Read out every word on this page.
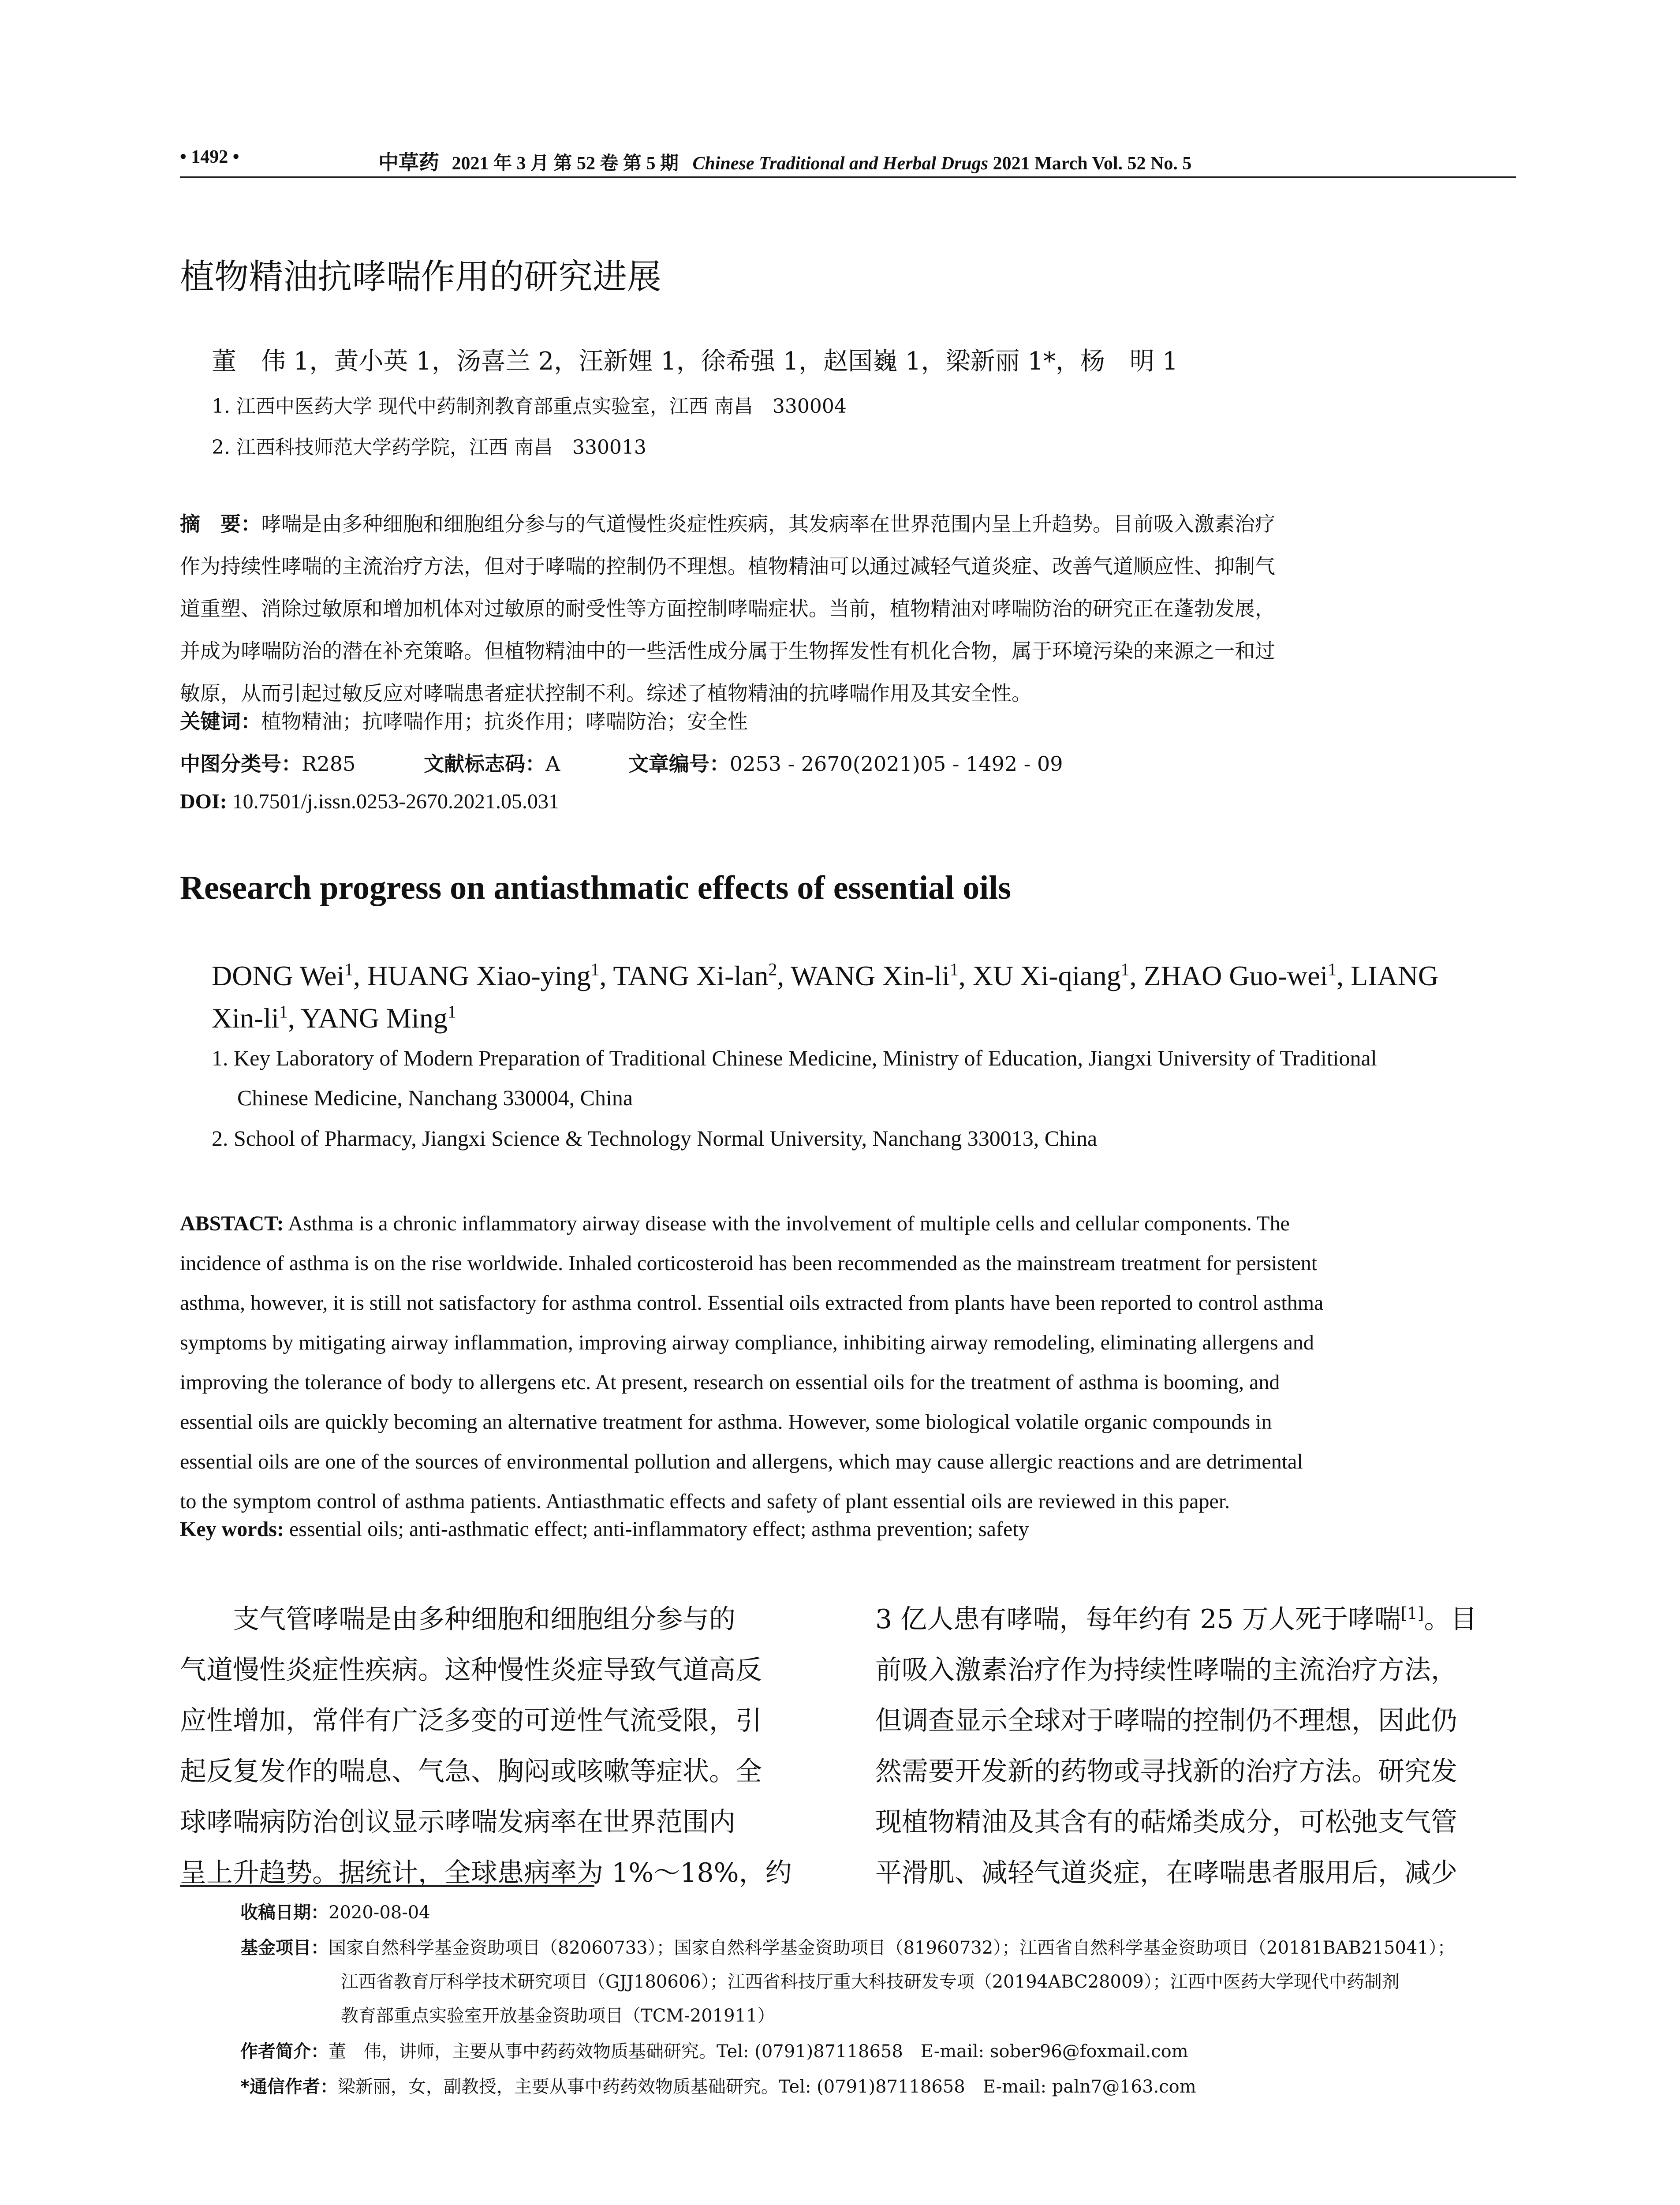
• 1492 •	中草药 2021 年 3 月 第 52 卷 第 5 期 Chinese Traditional and Herbal Drugs 2021 March Vol. 52 No. 5
植物精油抗哮喘作用的研究进展
董　伟 1，黄小英 1，汤喜兰 2，汪新娌 1，徐希强 1，赵国巍 1，梁新丽 1*，杨　明 1
1. 江西中医药大学 现代中药制剂教育部重点实验室，江西 南昌　330004
2. 江西科技师范大学药学院，江西 南昌　330013
摘　要：哮喘是由多种细胞和细胞组分参与的气道慢性炎症性疾病，其发病率在世界范围内呈上升趋势。目前吸入激素治疗
作为持续性哮喘的主流治疗方法，但对于哮喘的控制仍不理想。植物精油可以通过减轻气道炎症、改善气道顺应性、抑制气
道重塑、消除过敏原和增加机体对过敏原的耐受性等方面控制哮喘症状。当前，植物精油对哮喘防治的研究正在蓬勃发展，
并成为哮喘防治的潜在补充策略。但植物精油中的一些活性成分属于生物挥发性有机化合物，属于环境污染的来源之一和过
敏原，从而引起过敏反应对哮喘患者症状控制不利。综述了植物精油的抗哮喘作用及其安全性。
关键词：植物精油；抗哮喘作用；抗炎作用；哮喘防治；安全性
中图分类号：R285	文献标志码：A	文章编号：0253 - 2670(2021)05 - 1492 - 09
DOI: 10.7501/j.issn.0253-2670.2021.05.031
Research progress on antiasthmatic effects of essential oils
DONG Wei$^1$, HUANG Xiao-ying$^1$, TANG Xi-lan$^2$, WANG Xin-$li^1$, XU Xi-qiang$^1$, ZHAO Guo-wei$^1$, LIANG
Xin-$li^1$, YANG Ming$^1$
1. Key Laboratory of Modern Preparation of Traditional Chinese Medicine, Ministry of Education, Jiangxi University of Traditional
Chinese Medicine, Nanchang 330004, China
2. School of Pharmacy, Jiangxi Science & Technology Normal University, Nanchang 330013, China
ABSTACT: Asthma is a chronic inflammatory airway disease with the involvement of multiple cells and cellular components. The
incidence of asthma is on the rise worldwide. Inhaled corticosteroid has been recommended as the mainstream treatment for persistent
asthma, however, it is still not satisfactory for asthma control. Essential oils extracted from plants have been reported to control asthma
symptoms by mitigating airway inflammation, improving airway compliance, inhibiting airway remodeling, eliminating allergens and
improving the tolerance of body to allergens etc. At present, research on essential oils for the treatment of asthma is booming, and
essential oils are quickly becoming an alternative treatment for asthma. However, some biological volatile organic compounds in
essential oils are one of the sources of environmental pollution and allergens, which may cause allergic reactions and are detrimental
to the symptom control of asthma patients. Antiasthmatic effects and safety of plant essential oils are reviewed in this paper.
Key words: essential oils; anti-asthmatic effect; anti-inflammatory effect; asthma prevention; safety
　　支气管哮喘是由多种细胞和细胞组分参与的
气道慢性炎症性疾病。这种慢性炎症导致气道高反
应性增加，常伴有广泛多变的可逆性气流受限，引
起反复发作的喘息、气急、胸闷或咳嗽等症状。全
球哮喘病防治创议显示哮喘发病率在世界范围内
呈上升趋势。据统计，全球患病率为 1%～18%，约
3 亿人患有哮喘，每年约有 25 万人死于哮喘[1]。目
前吸入激素治疗作为持续性哮喘的主流治疗方法，
但调查显示全球对于哮喘的控制仍不理想，因此仍
然需要开发新的药物或寻找新的治疗方法。研究发
现植物精油及其含有的萜烯类成分，可松弛支气管
平滑肌、减轻气道炎症，在哮喘患者服用后，减少
收稿日期：2020-08-04
基金项目：国家自然科学基金资助项目（82060733）；国家自然科学基金资助项目（81960732）；江西省自然科学基金资助项目（20181BAB215041）；
江西省教育厅科学技术研究项目（GJJ180606）；江西省科技厅重大科技研发专项（20194ABC28009）；江西中医药大学现代中药制剂
教育部重点实验室开放基金资助项目（TCM-201911）
作者简介：董　伟，讲师，主要从事中药药效物质基础研究。Tel: (0791)87118658　E-mail: sober96@foxmail.com
*通信作者：梁新丽，女，副教授，主要从事中药药效物质基础研究。Tel: (0791)87118658　E-mail: paln7@163.com
